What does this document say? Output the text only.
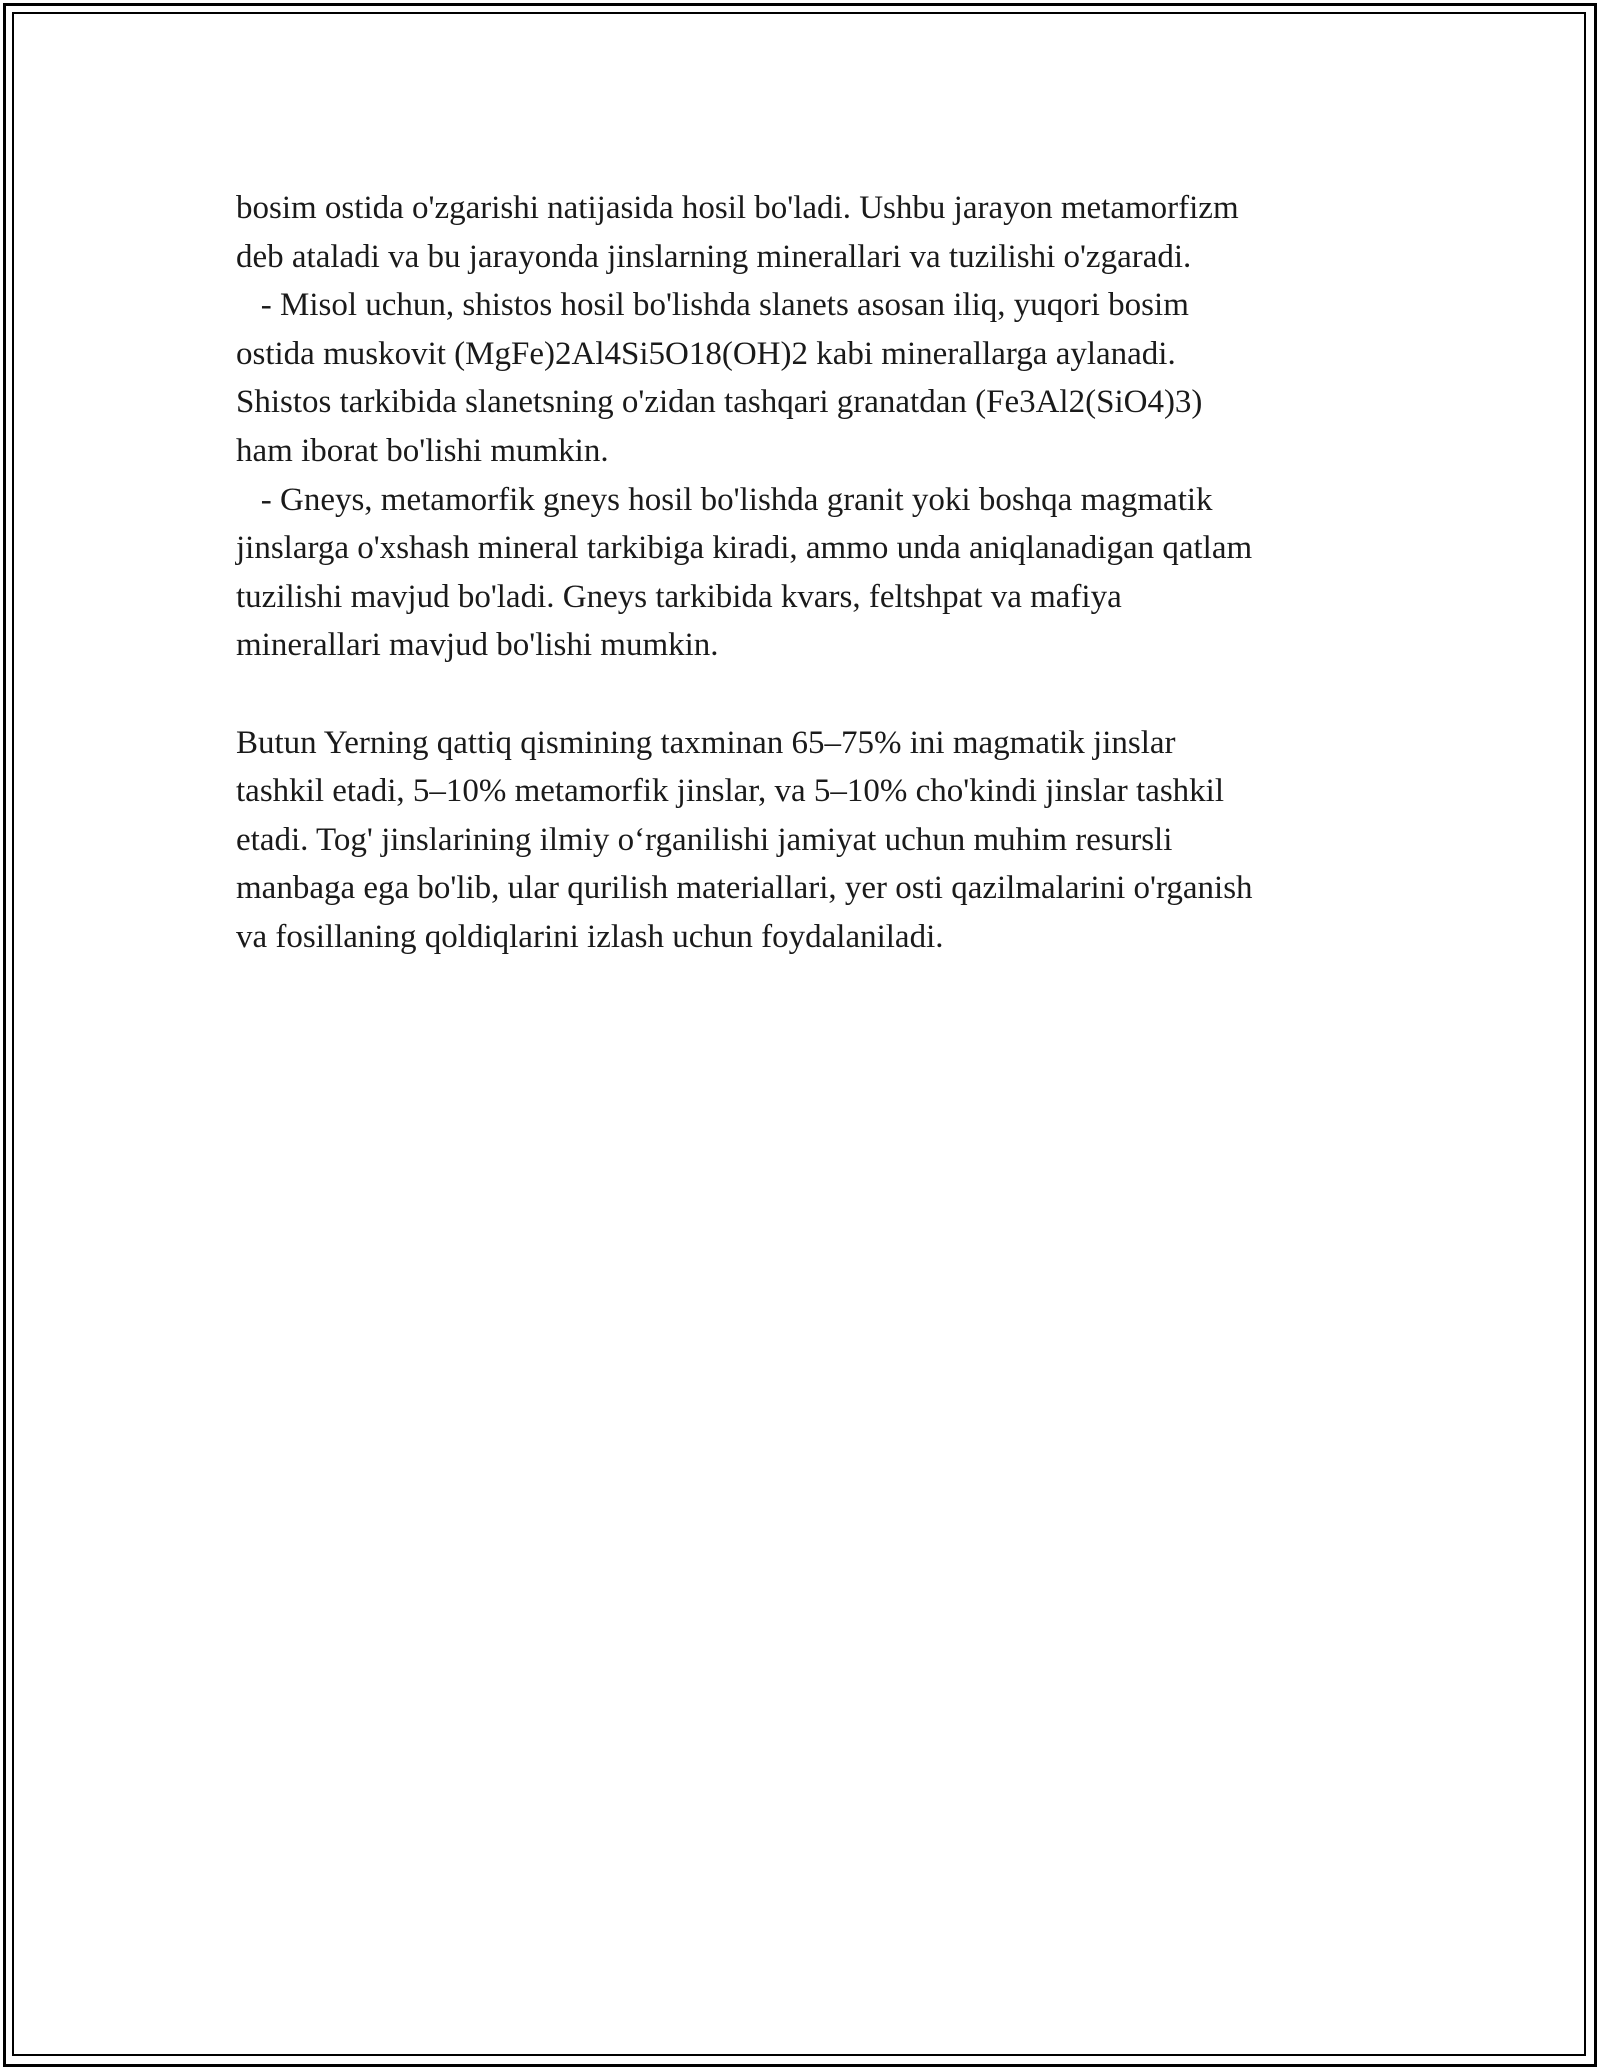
bosim ostida o'zgarishi natijasida hosil bo'ladi. Ushbu jarayon metamorfizm
deb ataladi va bu jarayonda jinslarning minerallari va tuzilishi o'zgaradi.
- Misol uchun, shistos hosil bo'lishda slanets asosan iliq, yuqori bosim
ostida muskovit (MgFe)2Al4Si5O18(OH)2 kabi minerallarga aylanadi.
Shistos tarkibida slanetsning o'zidan tashqari granatdan (Fe3Al2(SiO4)3)
ham iborat bo'lishi mumkin.
- Gneys, metamorfik gneys hosil bo'lishda granit yoki boshqa magmatik
jinslarga o'xshash mineral tarkibiga kiradi, ammo unda aniqlanadigan qatlam
tuzilishi mavjud bo'ladi. Gneys tarkibida kvars, feltshpat va mafiya
minerallari mavjud bo'lishi mumkin.
Butun Yerning qattiq qismining taxminan 65–75% ini magmatik jinslar
tashkil etadi, 5–10% metamorfik jinslar, va 5–10% cho'kindi jinslar tashkil
etadi. Tog' jinslarining ilmiy o‘rganilishi jamiyat uchun muhim resursli
manbaga ega bo'lib, ular qurilish materiallari, yer osti qazilmalarini o'rganish
va fosillaning qoldiqlarini izlash uchun foydalaniladi.
